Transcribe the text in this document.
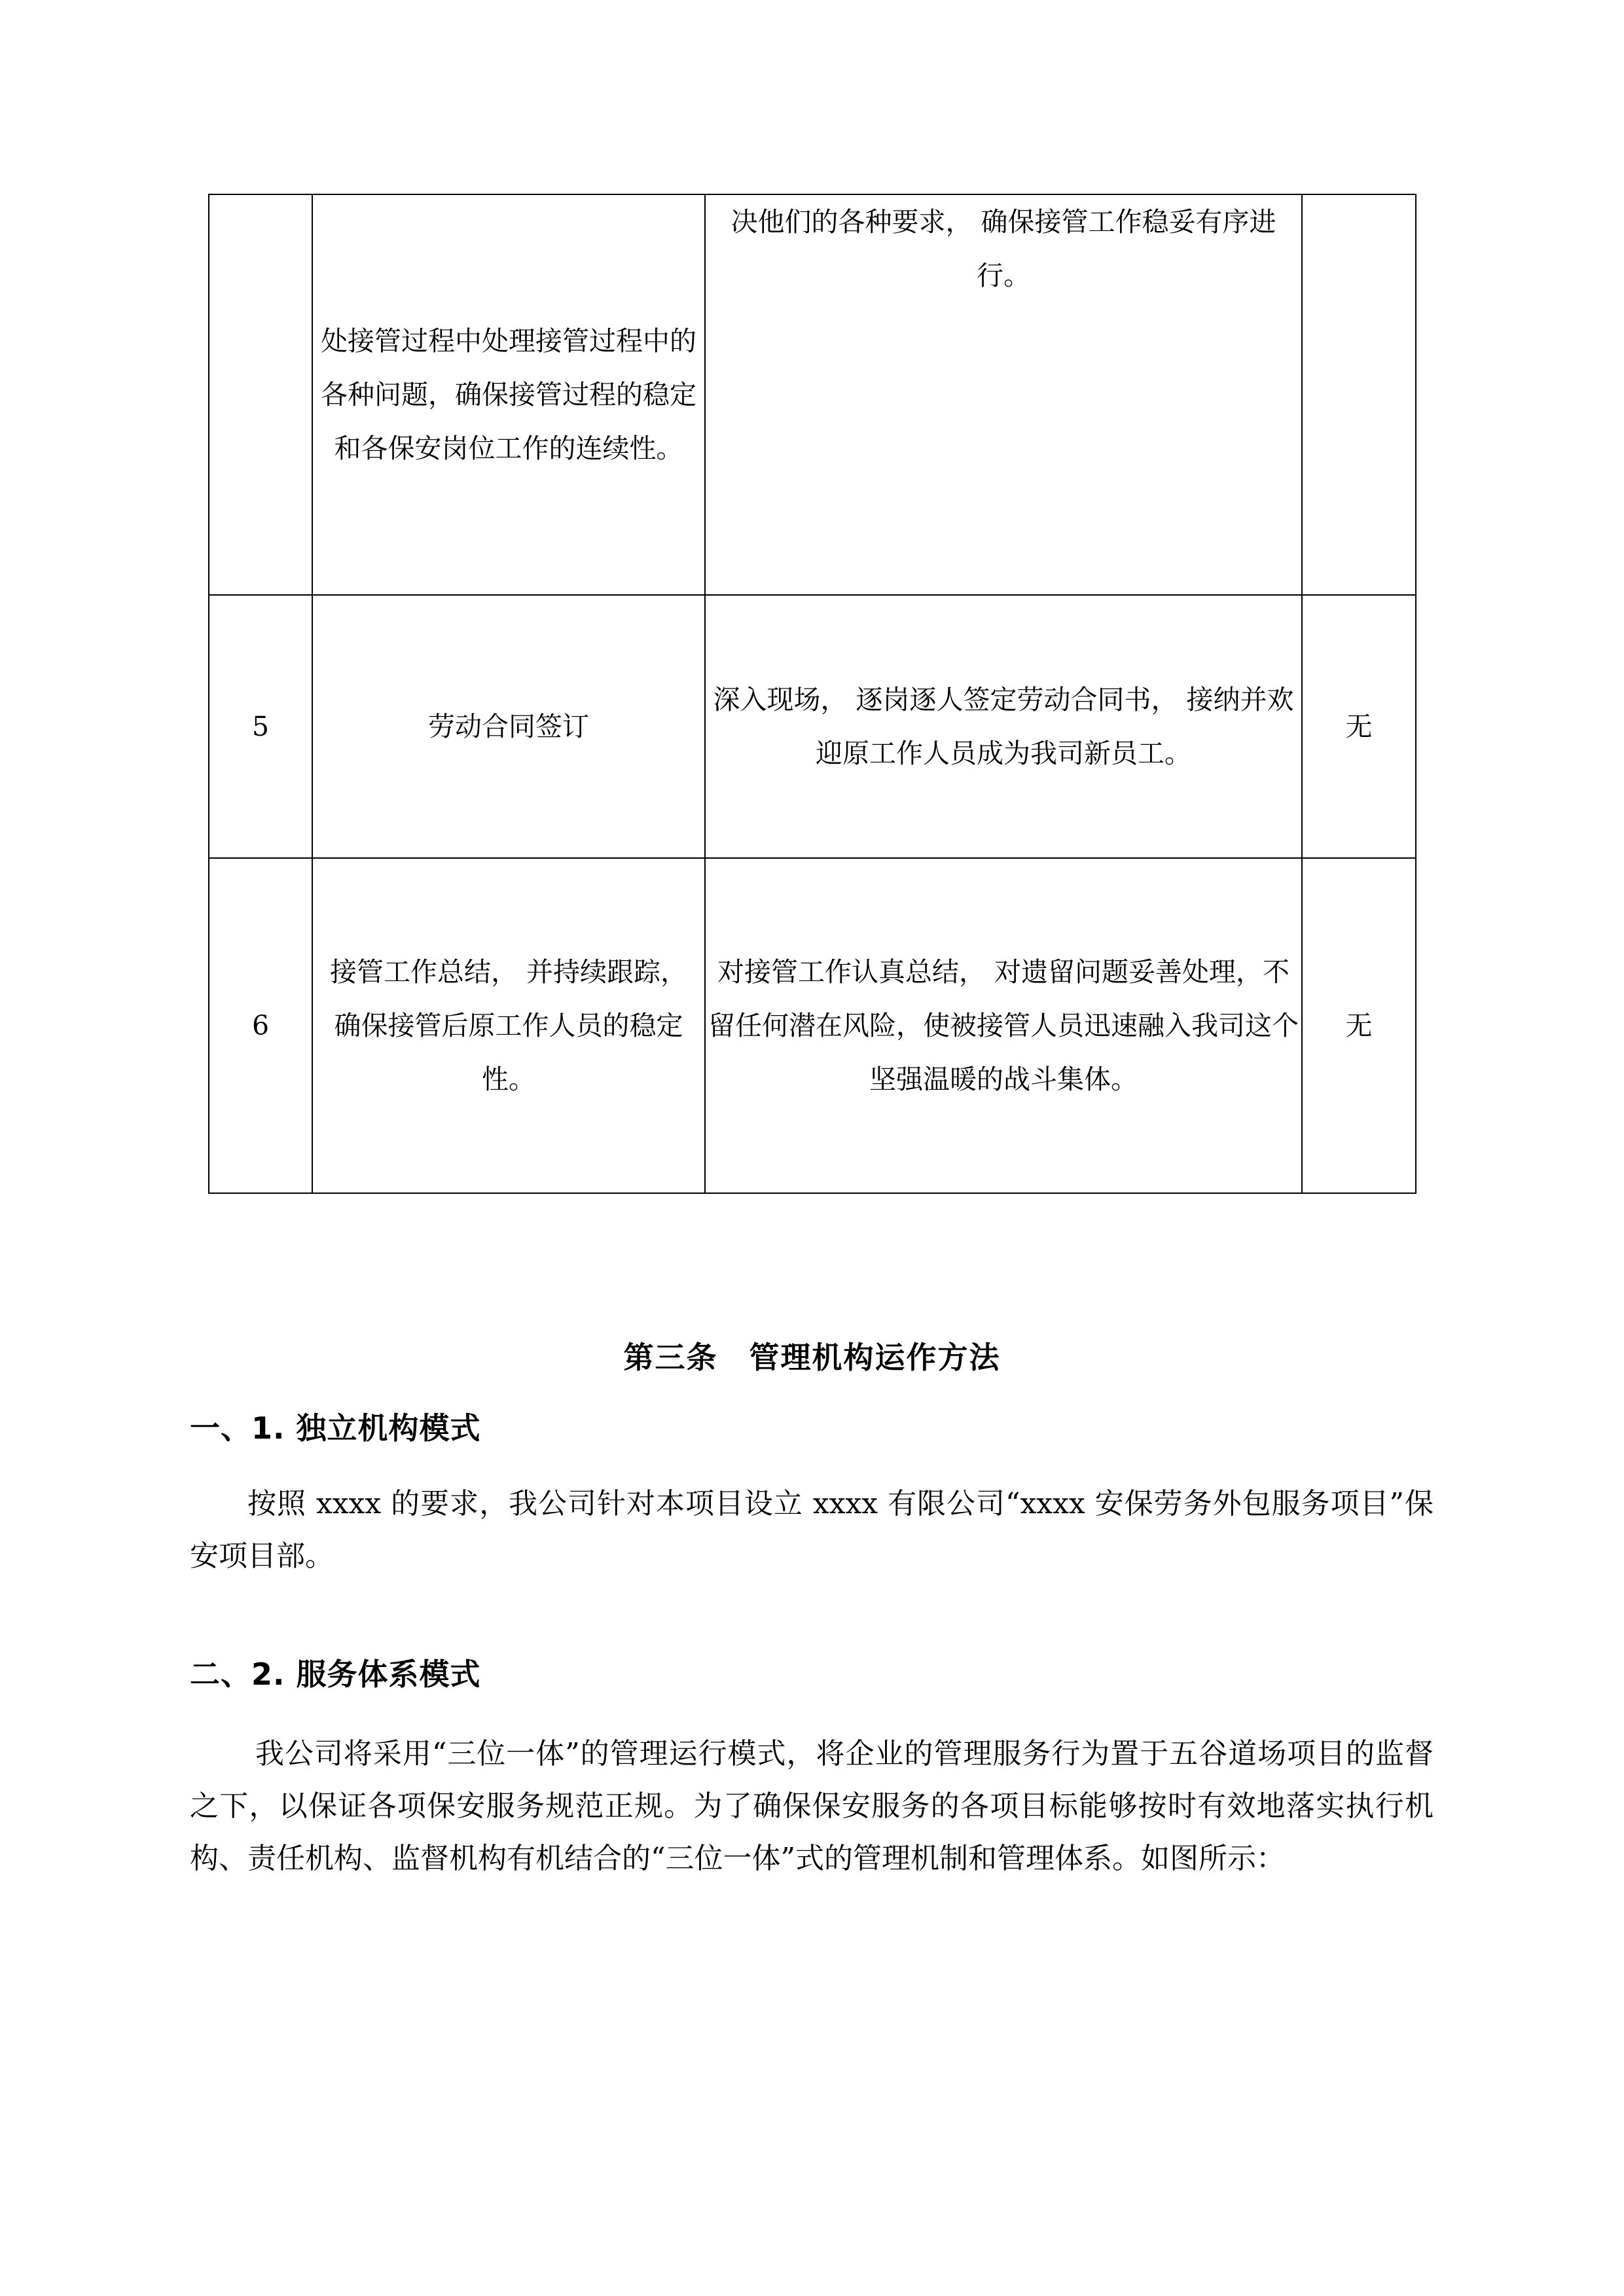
	处接管过程中处理接管过程中的各种问题，确保接管过程的稳定和各保安岗位工作的连续性。	决他们的各种要求， 确保接管工作稳妥有序进行。	
5	劳动合同签订	深入现场， 逐岗逐人签定劳动合同书， 接纳并欢迎原工作人员成为我司新员工。	无
6	接管工作总结， 并持续跟踪， 确保接管后原工作人员的稳定性。	对接管工作认真总结， 对遗留问题妥善处理，不留任何潜在风险，使被接管人员迅速融入我司这个坚强温暖的战斗集体。	无
第三条　管理机构运作方法
一、1. 独立机构模式
按照 xxxx 的要求，我公司针对本项目设立 xxxx 有限公司“xxxx 安保劳务外包服务项目”保安项目部。
二、2. 服务体系模式
我公司将采用“三位一体”的管理运行模式，将企业的管理服务行为置于五谷道场项目的监督之下，以保证各项保安服务规范正规。为了确保保安服务的各项目标能够按时有效地落实执行机构、责任机构、监督机构有机结合的“三位一体”式的管理机制和管理体系。如图所示：
